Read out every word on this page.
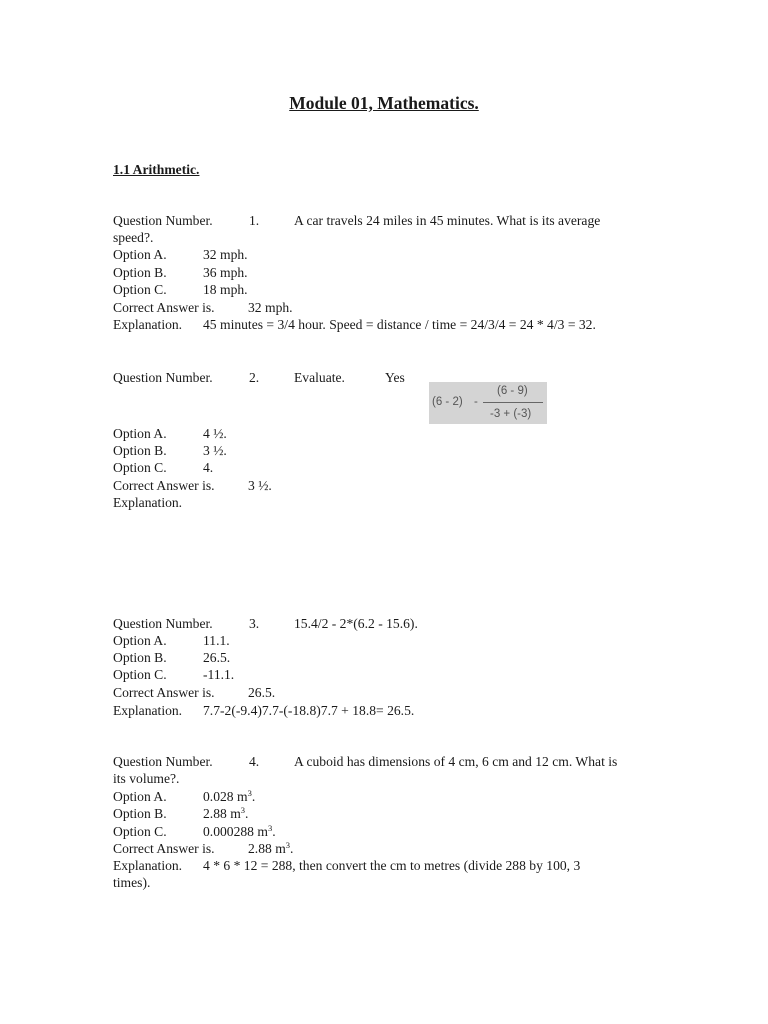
Module 01, Mathematics.
1.1 Arithmetic.
Question Number.	1.	A car travels 24 miles in 45 minutes. What is its average
speed?.
Option A.	32 mph.
Option B.	36 mph.
Option C.	18 mph.
Correct Answer is. 32 mph.
Explanation. 45 minutes = 3/4 hour. Speed = distance / time = 24/3/4 = 24 * 4/3 = 32.
Question Number.	2.	Evaluate.	Yes
(6 - 2) -
(6 - 9)
-3 + (-3)
Option A.	4 ½.
Option B.	3 ½.
Option C.	4.
Correct Answer is. 3 ½.
Explanation.
Question Number.	3.	15.4/2 - 2*(6.2 - 15.6).
Option A.	11.1.
Option B.	26.5.
Option C.	-11.1.
Correct Answer is. 26.5.
Explanation. 7.7-2(-9.4)7.7-(-18.8)7.7 + 18.8= 26.5.
Question Number.	4.	A cuboid has dimensions of 4 cm, 6 cm and 12 cm. What is
its volume?.
Option A.	0.028 $m^3$.
Option B.	2.88 $m^3$.
Option C.	0.000288 $m^3$.
Correct Answer is. 2.88 $m^3$.
Explanation. 4 * 6 * 12 = 288, then convert the cm to metres (divide 288 by 100, 3
times).
